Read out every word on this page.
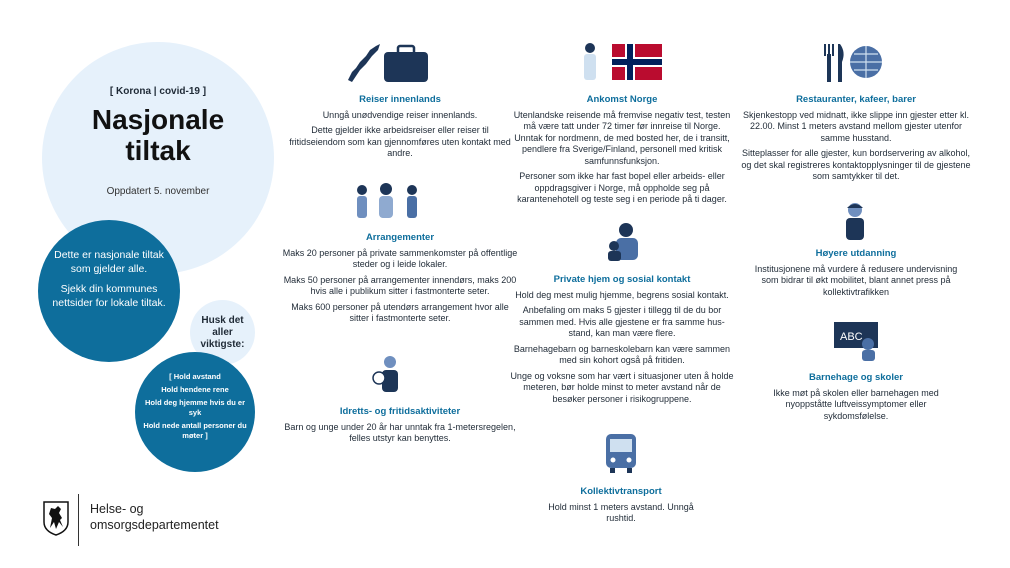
[ Korona | covid-19 ]
Nasjonale
tiltak
Oppdatert 5. november

Dette er nasjonale tiltak som gjelder alle.

Sjekk din kommunes nettsider for lokale tiltak.

Husk det aller viktigste:

[ Hold avstand

Hold hendene rene

Hold deg hjemme hvis du er syk

Hold nede antall personer du møter ]

Helse- og
omsorgsdepartementet
ABC
Reiser innenlands

Unngå unødvendige reiser innenlands.

Dette gjelder ikke arbeidsreiser eller reiser til fritidseiendom som kan gjennomføres uten kontakt med andre.

Arrangementer

Maks 20 personer på private sammenkomster på offentlige steder og i leide lokaler.

Maks 50 personer på arrangementer innendørs, maks 200 hvis alle i publikum sitter i fastmonterte seter.

Maks 600 personer på utendørs arrangement hvor alle sitter i fastmonterte seter.

Idretts- og fritidsaktiviteter

Barn og unge under 20 år har unntak fra 1-metersregelen, felles utstyr kan benyttes.

Ankomst Norge

Utenlandske reisende må fremvise negativ test, testen må være tatt under 72 timer før innreise til Norge. Unntak for nordmenn, de med bosted her, de i transitt, pendlere fra Sverige/Finland, personell med kritisk samfunnsfunksjon.

Personer som ikke har fast bopel eller arbeids- eller oppdragsgiver i Norge, må oppholde seg på karantenehotell og teste seg i en periode på ti dager.

Private hjem og sosial kontakt

Hold deg mest mulig hjemme, begrens sosial kontakt.

Anbefaling om maks 5 gjester i tillegg til de du bor sammen med. Hvis alle gjestene er fra samme hus-stand, kan man være flere.

Barnehagebarn og barneskolebarn kan være sammen med sin kohort også på fritiden.

Unge og voksne som har vært i situasjoner uten å holde meteren, bør holde minst to meter avstand når de besøker personer i risikogruppene.

Kollektivtransport

Hold minst 1 meters avstand. Unngå rushtid.

Restauranter, kafeer, barer

Skjenkestopp ved midnatt, ikke slippe inn gjester etter kl. 22.00. Minst 1 meters avstand mellom gjester utenfor samme husstand.

Sitteplasser for alle gjester, kun bordservering av alkohol, og det skal registreres kontaktopplysninger til de gjestene som samtykker til det.

Høyere utdanning

Institusjonene må vurdere å redusere undervisning som bidrar til økt mobilitet, blant annet press på kollektivtrafikken

Barnehage og skoler

Ikke møt på skolen eller barnehagen med nyoppståtte luftveissymptomer eller sykdomsfølelse.
